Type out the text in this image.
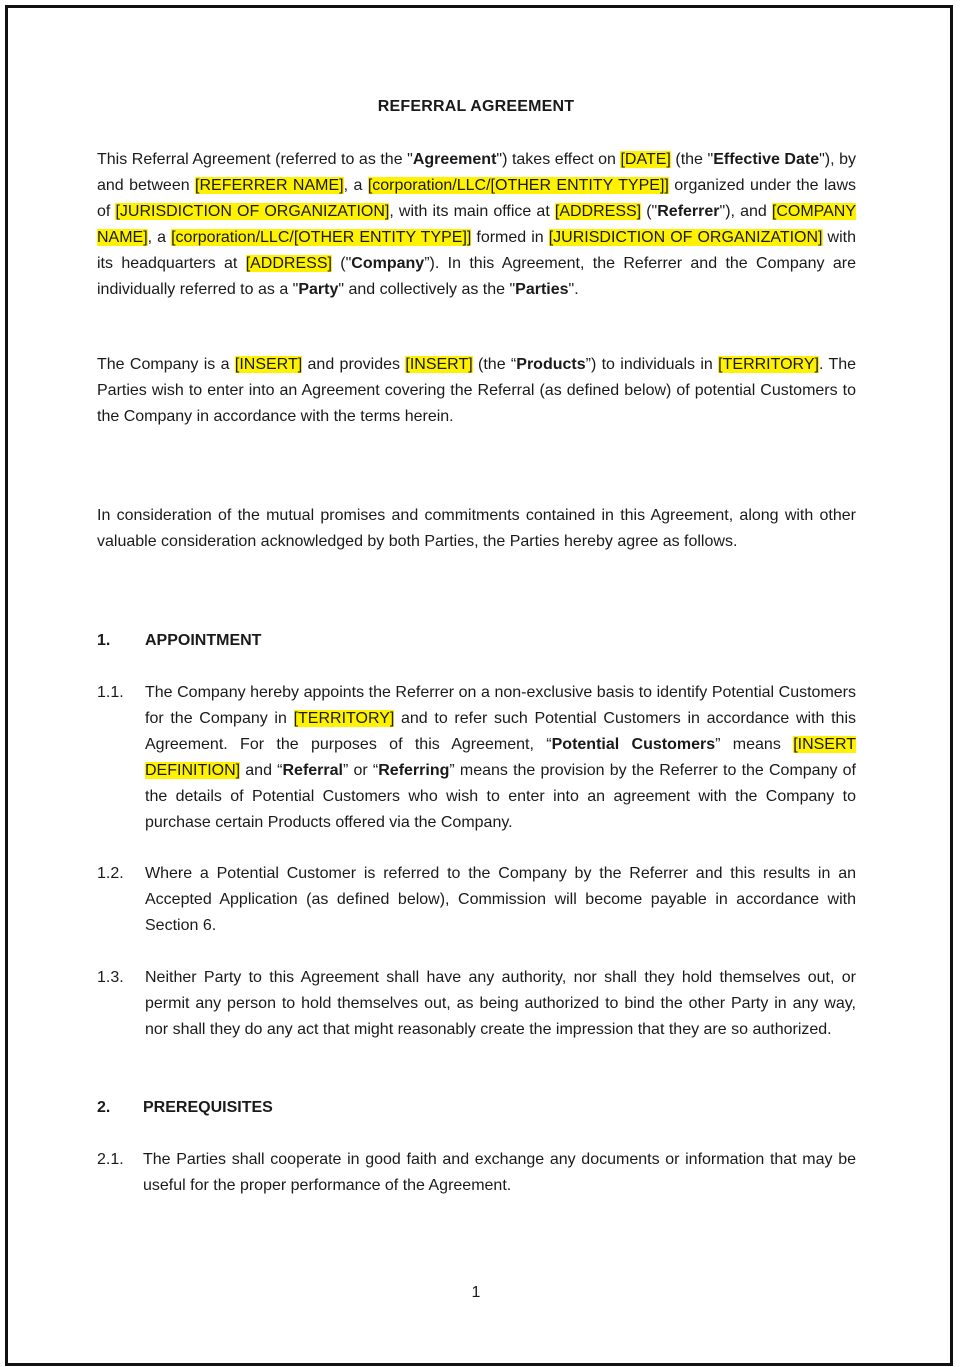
REFERRAL AGREEMENT

This Referral Agreement (referred to as the "Agreement") takes effect on [DATE] (the "Effective Date"), by and between [REFERRER NAME], a [corporation/LLC/[OTHER ENTITY TYPE]] organized under the laws of [JURISDICTION OF ORGANIZATION], with its main office at [ADDRESS] ("Referrer"), and [COMPANY NAME], a [corporation/LLC/[OTHER ENTITY TYPE]] formed in [JURISDICTION OF ORGANIZATION] with its headquarters at [ADDRESS] ("Company”). In this Agreement, the Referrer and the Company are individually referred to as a "Party" and collectively as the "Parties".

The Company is a [INSERT] and provides [INSERT] (the “Products”) to individuals in [TERRITORY]. The Parties wish to enter into an Agreement covering the Referral (as defined below) of potential Customers to the Company in accordance with the terms herein.

In consideration of the mutual promises and commitments contained in this Agreement, along with other valuable consideration acknowledged by both Parties, the Parties hereby agree as follows.

1. APPOINTMENT
1.1. The Company hereby appoints the Referrer on a non-exclusive basis to identify Potential Customers for the Company in [TERRITORY] and to refer such Potential Customers in accordance with this Agreement. For the purposes of this Agreement, “Potential Customers” means [INSERT DEFINITION] and “Referral” or “Referring” means the provision by the Referrer to the Company of the details of Potential Customers who wish to enter into an agreement with the Company to purchase certain Products offered via the Company.
1.2. Where a Potential Customer is referred to the Company by the Referrer and this results in an Accepted Application (as defined below), Commission will become payable in accordance with Section 6.
1.3. Neither Party to this Agreement shall have any authority, nor shall they hold themselves out, or permit any person to hold themselves out, as being authorized to bind the other Party in any way, nor shall they do any act that might reasonably create the impression that they are so authorized.
2. PREREQUISITES
2.1. The Parties shall cooperate in good faith and exchange any documents or information that may be useful for the proper performance of the Agreement.
1
